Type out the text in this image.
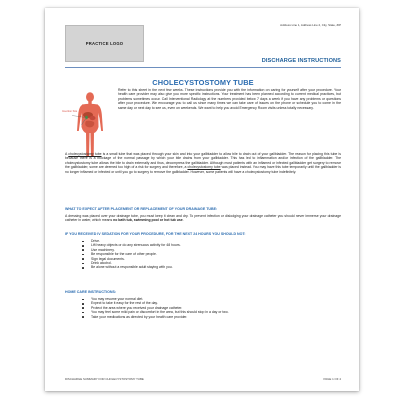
PRACTICE LOGO
Address Line 1, Address Line 2, City, State, ZIP
DISCHARGE INSTRUCTIONS
CHOLECYSTOSTOMY TUBE
Insertion Site

Refer to this sheet in the next few weeks. These instructions provide you with the information on caring for yourself after your procedure. Your health care provider may also give you more specific instructions. Your treatment has been planned according to current medical practices, but problems sometimes occur. Call Interventional Radiology at the numbers provided below 7 days a week if you have any problems or questions after your procedure. We encourage you to call us since many times we can take care of issues on the phone or schedule you to come in the same day or next day to see us, even on weekends. We want to help you avoid Emergency Room visits unless totally necessary.

A cholecystostomy tube is a small tube that was placed through your skin and into your gallbladder to allow bile to drain out of your gallbladder. The reason for placing this tube is because there is a blockage of the normal passage by which your bile drains from your gallbladder. This has led to inflammation and/or infection of the gallbladder. The cholecystostomy tube allows the bile to drain externally and thus, decompress the gallbladder. Although most patients with an inflamed or infected gallbladder get surgery to remove the gallbladder, some are deemed too high of a risk for surgery and therefore, a cholecystostomy tube was placed instead. You may have this tube temporarily until the gallbladder is no longer inflamed or infected or until you go to surgery to remove the gallbladder. However, some patients will have a cholecystostomy tube indefinitely.

WHAT TO EXPECT AFTER PLACEMENT OR REPLACEMENT OF YOUR DRAINAGE TUBE:

A dressing was placed over your drainage tube, you must keep it clean and dry. To prevent infection or dislodging your drainage catheter you should never immerse your drainage catheter in water, which means no bath tub, swimming pool or hot tub use.

IF YOU RECEIVED IV SEDATION FOR YOUR PROCEDURE, FOR THE NEXT 24 HOURS YOU SHOULD NOT:
Drive.
Lift heavy objects or do any strenuous activity for 48 hours.
Use machinery.
Be responsible for the care of other people.
Sign legal documents.
Drink alcohol.
Be alone without a responsible adult staying with you.
HOME CARE INSTRUCTIONS:
You may resume your normal diet.
Expect to take it easy for the rest of the day.
Protect the area where you received your drainage catheter.
You may feel some mild pain or discomfort in the area, but this should stop in a day or two.
Take your medications as directed by your health care provider.
DISCHARGE SUMMARY FOR CHOLECYSTOSTOMY TUBE	PAGE 1 OF 4
